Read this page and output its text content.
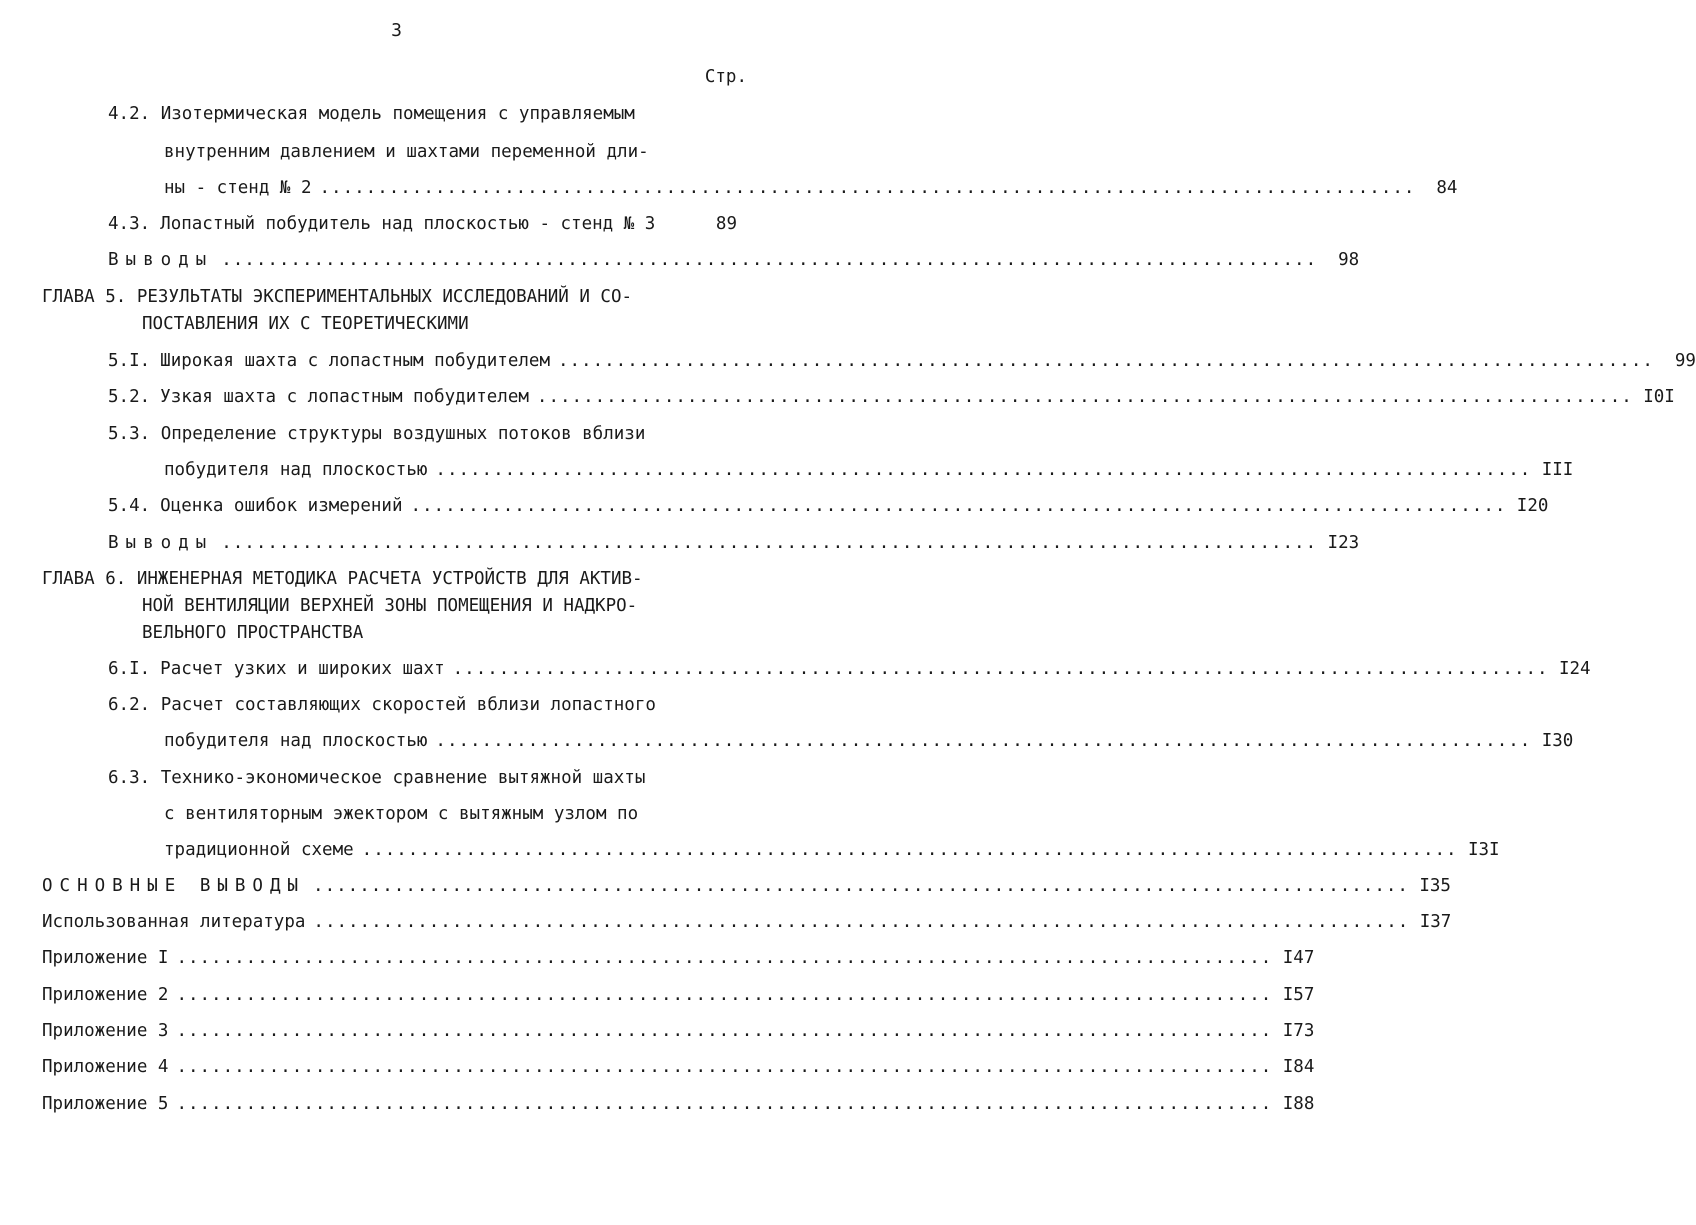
3
Стр.
4.2. Изотермическая модель помещения с управляемым
внутренним давлением и шахтами переменной дли-
ны - стенд № 2 ...............................................................................................	84
4.3. Лопастный побудитель над плоскостью - стенд № 3	89
Выводы ...............................................................................................	98
ГЛАВА 5. РЕЗУЛЬТАТЫ ЭКСПЕРИМЕНТАЛЬНЫХ ИССЛЕДОВАНИЙ И СО-
ПОСТАВЛЕНИЯ ИХ С ТЕОРЕТИЧЕСКИМИ
5.I. Широкая шахта с лопастным побудителем ...............................................................................................	99
5.2. Узкая шахта с лопастным побудителем ............................................................................................... I0I
5.3. Определение структуры воздушных потоков вблизи
побудителя над плоскостью ............................................................................................... III
5.4. Оценка ошибок измерений ............................................................................................... I20
Выводы ............................................................................................... I23
ГЛАВА 6. ИНЖЕНЕРНАЯ МЕТОДИКА РАСЧЕТА УСТРОЙСТВ ДЛЯ АКТИВ-
НОЙ ВЕНТИЛЯЦИИ ВЕРХНЕЙ ЗОНЫ ПОМЕЩЕНИЯ И НАДКРО-
ВЕЛЬНОГО ПРОСТРАНСТВА
6.I. Расчет узких и широких шахт ............................................................................................... I24
6.2. Расчет составляющих скоростей вблизи лопастного
побудителя над плоскостью ............................................................................................... I30
6.3. Технико-экономическое сравнение вытяжной шахты
с вентиляторным эжектором с вытяжным узлом по
традиционной схеме ............................................................................................... I3I
ОСНОВНЫЕ ВЫВОДЫ ............................................................................................... I35
Использованная литература ............................................................................................... I37
Приложение I ............................................................................................... I47
Приложение 2 ............................................................................................... I57
Приложение 3 ............................................................................................... I73
Приложение 4 ............................................................................................... I84
Приложение 5 ............................................................................................... I88
